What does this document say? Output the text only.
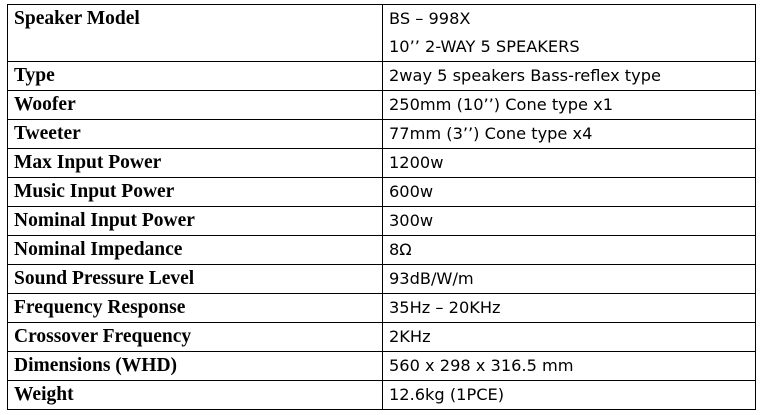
Speaker Model	BS – 998X
10’’ 2-WAY 5 SPEAKERS

Type	2way 5 speakers Bass-reflex type
Woofer	250mm (10’’) Cone type x1
Tweeter	77mm (3’’) Cone type x4
Max Input Power	1200w
Music Input Power	600w
Nominal Input Power	300w
Nominal Impedance	8Ω
Sound Pressure Level	93dB/W/m
Frequency Response	35Hz – 20KHz
Crossover Frequency	2KHz
Dimensions (WHD)	560 x 298 x 316.5 mm
Weight	12.6kg (1PCE)
